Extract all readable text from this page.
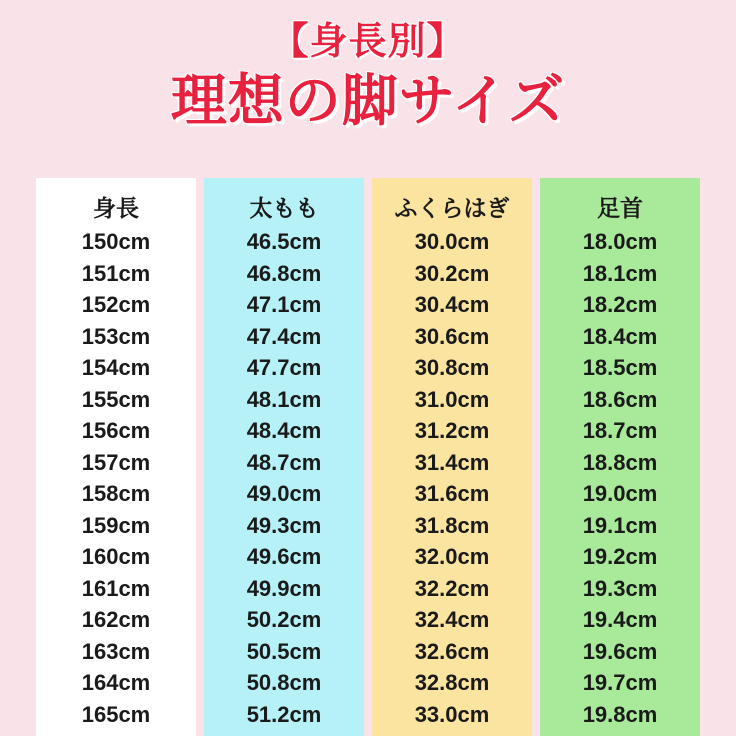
【身長別】
理想の脚サイズ
身長
150cm
151cm
152cm
153cm
154cm
155cm
156cm
157cm
158cm
159cm
160cm
161cm
162cm
163cm
164cm
165cm
太もも
46.5cm
46.8cm
47.1cm
47.4cm
47.7cm
48.1cm
48.4cm
48.7cm
49.0cm
49.3cm
49.6cm
49.9cm
50.2cm
50.5cm
50.8cm
51.2cm
ふくらはぎ
30.0cm
30.2cm
30.4cm
30.6cm
30.8cm
31.0cm
31.2cm
31.4cm
31.6cm
31.8cm
32.0cm
32.2cm
32.4cm
32.6cm
32.8cm
33.0cm
足首
18.0cm
18.1cm
18.2cm
18.4cm
18.5cm
18.6cm
18.7cm
18.8cm
19.0cm
19.1cm
19.2cm
19.3cm
19.4cm
19.6cm
19.7cm
19.8cm
